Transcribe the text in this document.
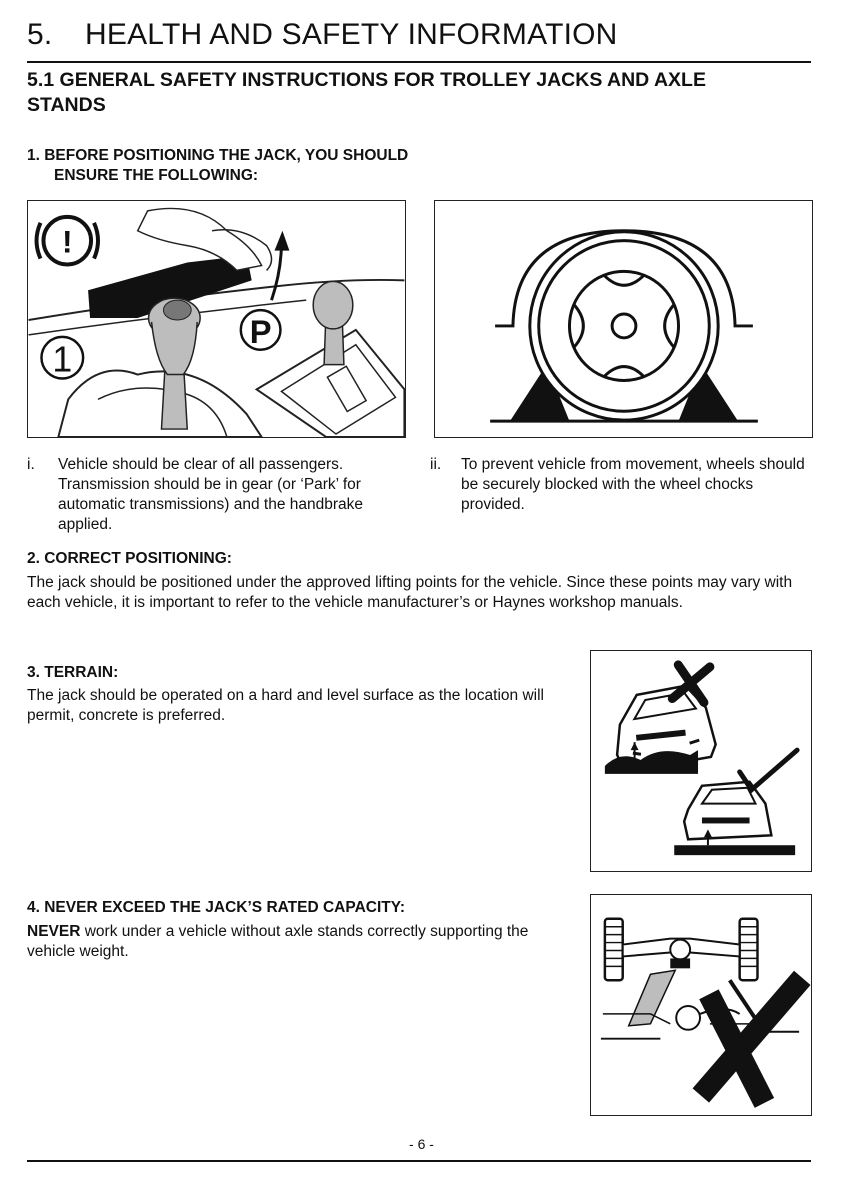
5. HEALTH AND SAFETY INFORMATION
5.1 GENERAL SAFETY INSTRUCTIONS FOR TROLLEY JACKS AND AXLE STANDS
1. BEFORE POSITIONING THE JACK, YOU SHOULD
ENSURE THE FOLLOWING:
!
1
P
i.	Vehicle should be clear of all passengers. Transmission should be in gear (or ‘Park’ for automatic transmissions) and the handbrake applied.
ii.	To prevent vehicle from movement, wheels should be securely blocked with the wheel chocks provided.
2. CORRECT POSITIONING:
The jack should be positioned under the approved lifting points for the vehicle. Since these points may vary with each vehicle, it is important to refer to the vehicle manufacturer’s or Haynes workshop manuals.
3. TERRAIN:
The jack should be operated on a hard and level surface as the location will permit, concrete is preferred.
4. NEVER EXCEED THE JACK’S RATED CAPACITY:
NEVER work under a vehicle without axle stands correctly supporting the vehicle weight.
- 6 -
